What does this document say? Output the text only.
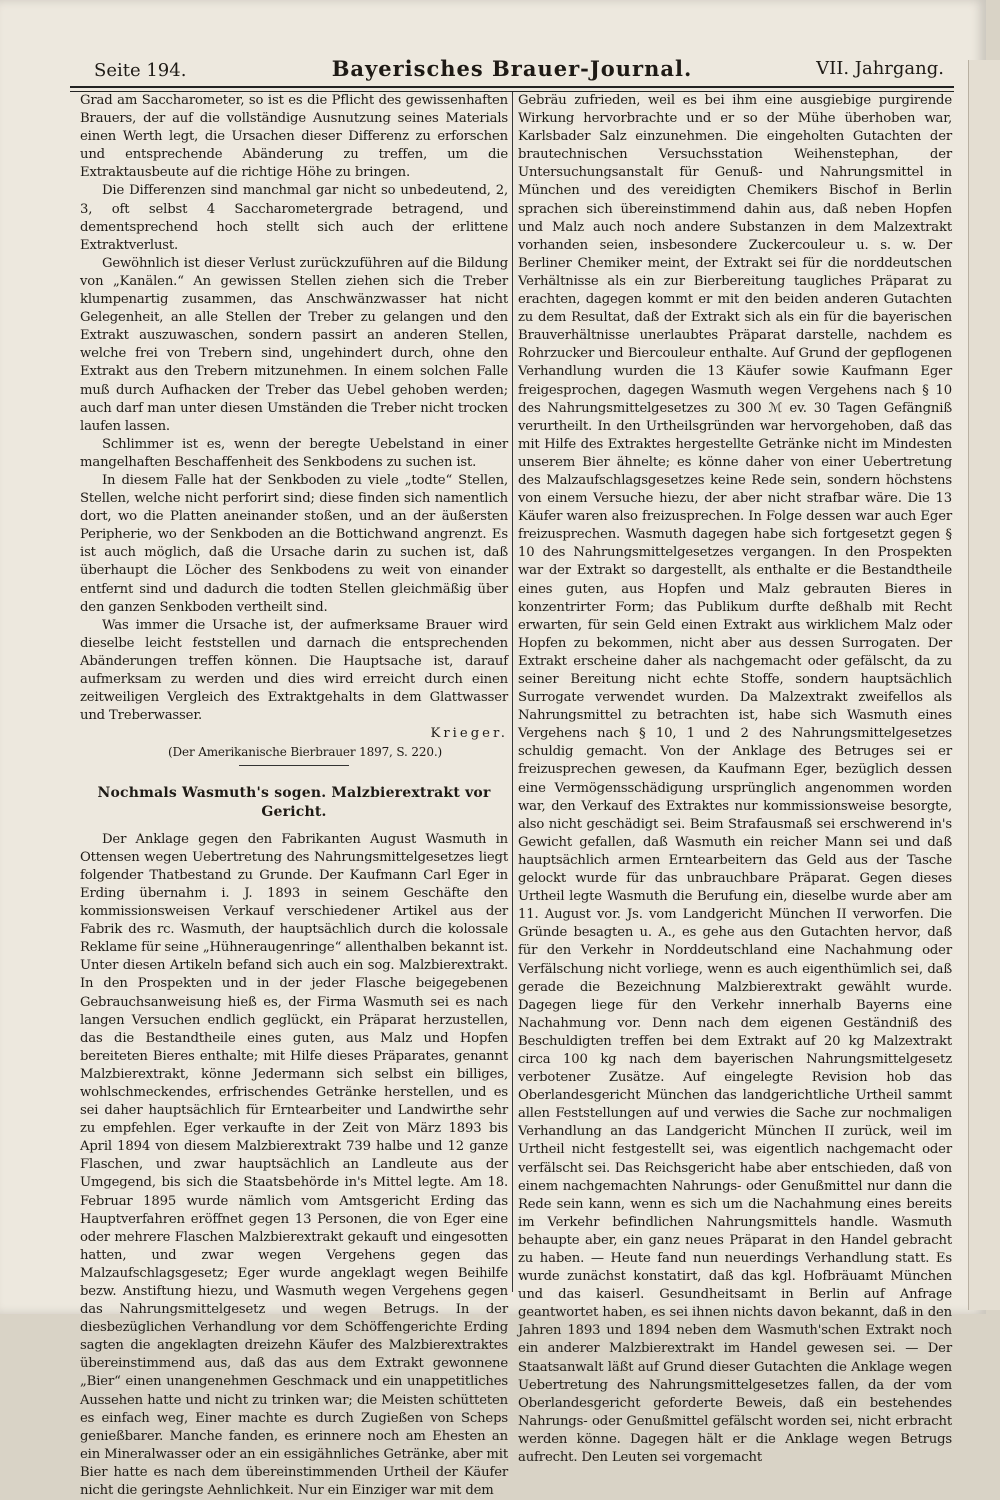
Seite 194.	Bayerisches Brauer-Journal.	VII. Jahrgang.

Grad am Saccharometer, so ist es die Pflicht des gewissenhaften Brauers, der auf die vollständige Ausnutzung seines Materials einen Werth legt, die Ursachen dieser Differenz zu erforschen und entsprechende Abänderung zu treffen, um die Extraktausbeute auf die richtige Höhe zu bringen.

Die Differenzen sind manchmal gar nicht so unbedeutend, 2, 3, oft selbst 4 Saccharometergrade betragend, und dementsprechend hoch stellt sich auch der erlittene Extraktverlust.

Gewöhnlich ist dieser Verlust zurückzuführen auf die Bildung von „Kanälen.“ An gewissen Stellen ziehen sich die Treber klumpenartig zusammen, das Anschwänzwasser hat nicht Gelegenheit, an alle Stellen der Treber zu gelangen und den Extrakt auszuwaschen, sondern passirt an anderen Stellen, welche frei von Trebern sind, ungehindert durch, ohne den Extrakt aus den Trebern mitzunehmen. In einem solchen Falle muß durch Aufhacken der Treber das Uebel gehoben werden; auch darf man unter diesen Umständen die Treber nicht trocken laufen lassen.

Schlimmer ist es, wenn der beregte Uebelstand in einer mangelhaften Beschaffenheit des Senkbodens zu suchen ist.

In diesem Falle hat der Senkboden zu viele „todte“ Stellen, Stellen, welche nicht perforirt sind; diese finden sich namentlich dort, wo die Platten aneinander stoßen, und an der äußersten Peripherie, wo der Senkboden an die Bottichwand angrenzt. Es ist auch möglich, daß die Ursache darin zu suchen ist, daß überhaupt die Löcher des Senkbodens zu weit von einander entfernt sind und dadurch die todten Stellen gleichmäßig über den ganzen Senkboden vertheilt sind.

Was immer die Ursache ist, der aufmerksame Brauer wird dieselbe leicht feststellen und darnach die entsprechenden Abänderungen treffen können. Die Hauptsache ist, darauf aufmerksam zu werden und dies wird erreicht durch einen zeitweiligen Vergleich des Extraktgehalts in dem Glattwasser und Treberwasser.

Krieger.

(Der Amerikanische Bierbrauer 1897, S. 220.)

Nochmals Wasmuth's sogen. Malzbierextrakt vor Gericht.

Der Anklage gegen den Fabrikanten August Wasmuth in Ottensen wegen Uebertretung des Nahrungsmittelgesetzes liegt folgender Thatbestand zu Grunde. Der Kaufmann Carl Eger in Erding übernahm i. J. 1893 in seinem Geschäfte den kommissionsweisen Verkauf verschiedener Artikel aus der Fabrik des rc. Wasmuth, der hauptsächlich durch die kolossale Reklame für seine „Hühneraugenringe“ allenthalben bekannt ist. Unter diesen Artikeln befand sich auch ein sog. Malzbierextrakt. In den Prospekten und in der jeder Flasche beigegebenen Gebrauchsanweisung hieß es, der Firma Wasmuth sei es nach langen Versuchen endlich geglückt, ein Präparat herzustellen, das die Bestandtheile eines guten, aus Malz und Hopfen bereiteten Bieres enthalte; mit Hilfe dieses Präparates, genannt Malzbierextrakt, könne Jedermann sich selbst ein billiges, wohlschmeckendes, erfrischendes Getränke herstellen, und es sei daher hauptsächlich für Erntearbeiter und Landwirthe sehr zu empfehlen. Eger verkaufte in der Zeit von März 1893 bis April 1894 von diesem Malzbierextrakt 739 halbe und 12 ganze Flaschen, und zwar hauptsächlich an Landleute aus der Umgegend, bis sich die Staatsbehörde in's Mittel legte. Am 18. Februar 1895 wurde nämlich vom Amtsgericht Erding das Hauptverfahren eröffnet gegen 13 Personen, die von Eger eine oder mehrere Flaschen Malzbierextrakt gekauft und eingesotten hatten, und zwar wegen Vergehens gegen das Malzaufschlagsgesetz; Eger wurde angeklagt wegen Beihilfe bezw. Anstiftung hiezu, und Wasmuth wegen Vergehens gegen das Nahrungsmittelgesetz und wegen Betrugs. In der diesbezüglichen Verhandlung vor dem Schöffengerichte Erding sagten die angeklagten dreizehn Käufer des Malzbierextraktes übereinstimmend aus, daß das aus dem Extrakt gewonnene „Bier“ einen unangenehmen Geschmack und ein unappetitliches Aussehen hatte und nicht zu trinken war; die Meisten schütteten es einfach weg, Einer machte es durch Zugießen von Scheps genießbarer. Manche fanden, es erinnere noch am Ehesten an ein Mineralwasser oder an ein essigähnliches Getränke, aber mit Bier hatte es nach dem übereinstimmenden Urtheil der Käufer nicht die geringste Aehnlichkeit. Nur ein Einziger war mit dem

Gebräu zufrieden, weil es bei ihm eine ausgiebige purgirende Wirkung hervorbrachte und er so der Mühe überhoben war, Karlsbader Salz einzunehmen. Die eingeholten Gutachten der brautechnischen Versuchsstation Weihenstephan, der Untersuchungsanstalt für Genuß- und Nahrungsmittel in München und des vereidigten Chemikers Bischof in Berlin sprachen sich übereinstimmend dahin aus, daß neben Hopfen und Malz auch noch andere Substanzen in dem Malzextrakt vorhanden seien, insbesondere Zuckercouleur u. s. w. Der Berliner Chemiker meint, der Extrakt sei für die norddeutschen Verhältnisse als ein zur Bierbereitung taugliches Präparat zu erachten, dagegen kommt er mit den beiden anderen Gutachten zu dem Resultat, daß der Extrakt sich als ein für die bayerischen Brauverhältnisse unerlaubtes Präparat darstelle, nachdem es Rohrzucker und Biercouleur enthalte. Auf Grund der gepflogenen Verhandlung wurden die 13 Käufer sowie Kaufmann Eger freigesprochen, dagegen Wasmuth wegen Vergehens nach § 10 des Nahrungsmittelgesetzes zu 300 ℳ ev. 30 Tagen Gefängniß verurtheilt. In den Urtheilsgründen war hervorgehoben, daß das mit Hilfe des Extraktes hergestellte Getränke nicht im Mindesten unserem Bier ähnelte; es könne daher von einer Uebertretung des Malzaufschlagsgesetzes keine Rede sein, sondern höchstens von einem Versuche hiezu, der aber nicht strafbar wäre. Die 13 Käufer waren also freizusprechen. In Folge dessen war auch Eger freizusprechen. Wasmuth dagegen habe sich fortgesetzt gegen § 10 des Nahrungsmittelgesetzes vergangen. In den Prospekten war der Extrakt so dargestellt, als enthalte er die Bestandtheile eines guten, aus Hopfen und Malz gebrauten Bieres in konzentrirter Form; das Publikum durfte deßhalb mit Recht erwarten, für sein Geld einen Extrakt aus wirklichem Malz oder Hopfen zu bekommen, nicht aber aus dessen Surrogaten. Der Extrakt erscheine daher als nachgemacht oder gefälscht, da zu seiner Bereitung nicht echte Stoffe, sondern hauptsächlich Surrogate verwendet wurden. Da Malzextrakt zweifellos als Nahrungsmittel zu betrachten ist, habe sich Wasmuth eines Vergehens nach § 10, 1 und 2 des Nahrungsmittelgesetzes schuldig gemacht. Von der Anklage des Betruges sei er freizusprechen gewesen, da Kaufmann Eger, bezüglich dessen eine Vermögensschädigung ursprünglich angenommen worden war, den Verkauf des Extraktes nur kommissionsweise besorgte, also nicht geschädigt sei. Beim Strafausmaß sei erschwerend in's Gewicht gefallen, daß Wasmuth ein reicher Mann sei und daß hauptsächlich armen Erntearbeitern das Geld aus der Tasche gelockt wurde für das unbrauchbare Präparat. Gegen dieses Urtheil legte Wasmuth die Berufung ein, dieselbe wurde aber am 11. August vor. Js. vom Landgericht München II verworfen. Die Gründe besagten u. A., es gehe aus den Gutachten hervor, daß für den Verkehr in Norddeutschland eine Nachahmung oder Verfälschung nicht vorliege, wenn es auch eigenthümlich sei, daß gerade die Bezeichnung Malzbierextrakt gewählt wurde. Dagegen liege für den Verkehr innerhalb Bayerns eine Nachahmung vor. Denn nach dem eigenen Geständniß des Beschuldigten treffen bei dem Extrakt auf 20 kg Malzextrakt circa 100 kg nach dem bayerischen Nahrungsmittelgesetz verbotener Zusätze. Auf eingelegte Revision hob das Oberlandesgericht München das landgerichtliche Urtheil sammt allen Feststellungen auf und verwies die Sache zur nochmaligen Verhandlung an das Landgericht München II zurück, weil im Urtheil nicht festgestellt sei, was eigentlich nachgemacht oder verfälscht sei. Das Reichsgericht habe aber entschieden, daß von einem nachgemachten Nahrungs- oder Genußmittel nur dann die Rede sein kann, wenn es sich um die Nachahmung eines bereits im Verkehr befindlichen Nahrungsmittels handle. Wasmuth behaupte aber, ein ganz neues Präparat in den Handel gebracht zu haben. — Heute fand nun neuerdings Verhandlung statt. Es wurde zunächst konstatirt, daß das kgl. Hofbräuamt München und das kaiserl. Gesundheitsamt in Berlin auf Anfrage geantwortet haben, es sei ihnen nichts davon bekannt, daß in den Jahren 1893 und 1894 neben dem Wasmuth'schen Extrakt noch ein anderer Malzbierextrakt im Handel gewesen sei. — Der Staatsanwalt läßt auf Grund dieser Gutachten die Anklage wegen Uebertretung des Nahrungsmittelgesetzes fallen, da der vom Oberlandesgericht geforderte Beweis, daß ein bestehendes Nahrungs- oder Genußmittel gefälscht worden sei, nicht erbracht werden könne. Dagegen hält er die Anklage wegen Betrugs aufrecht. Den Leuten sei vorgemacht
